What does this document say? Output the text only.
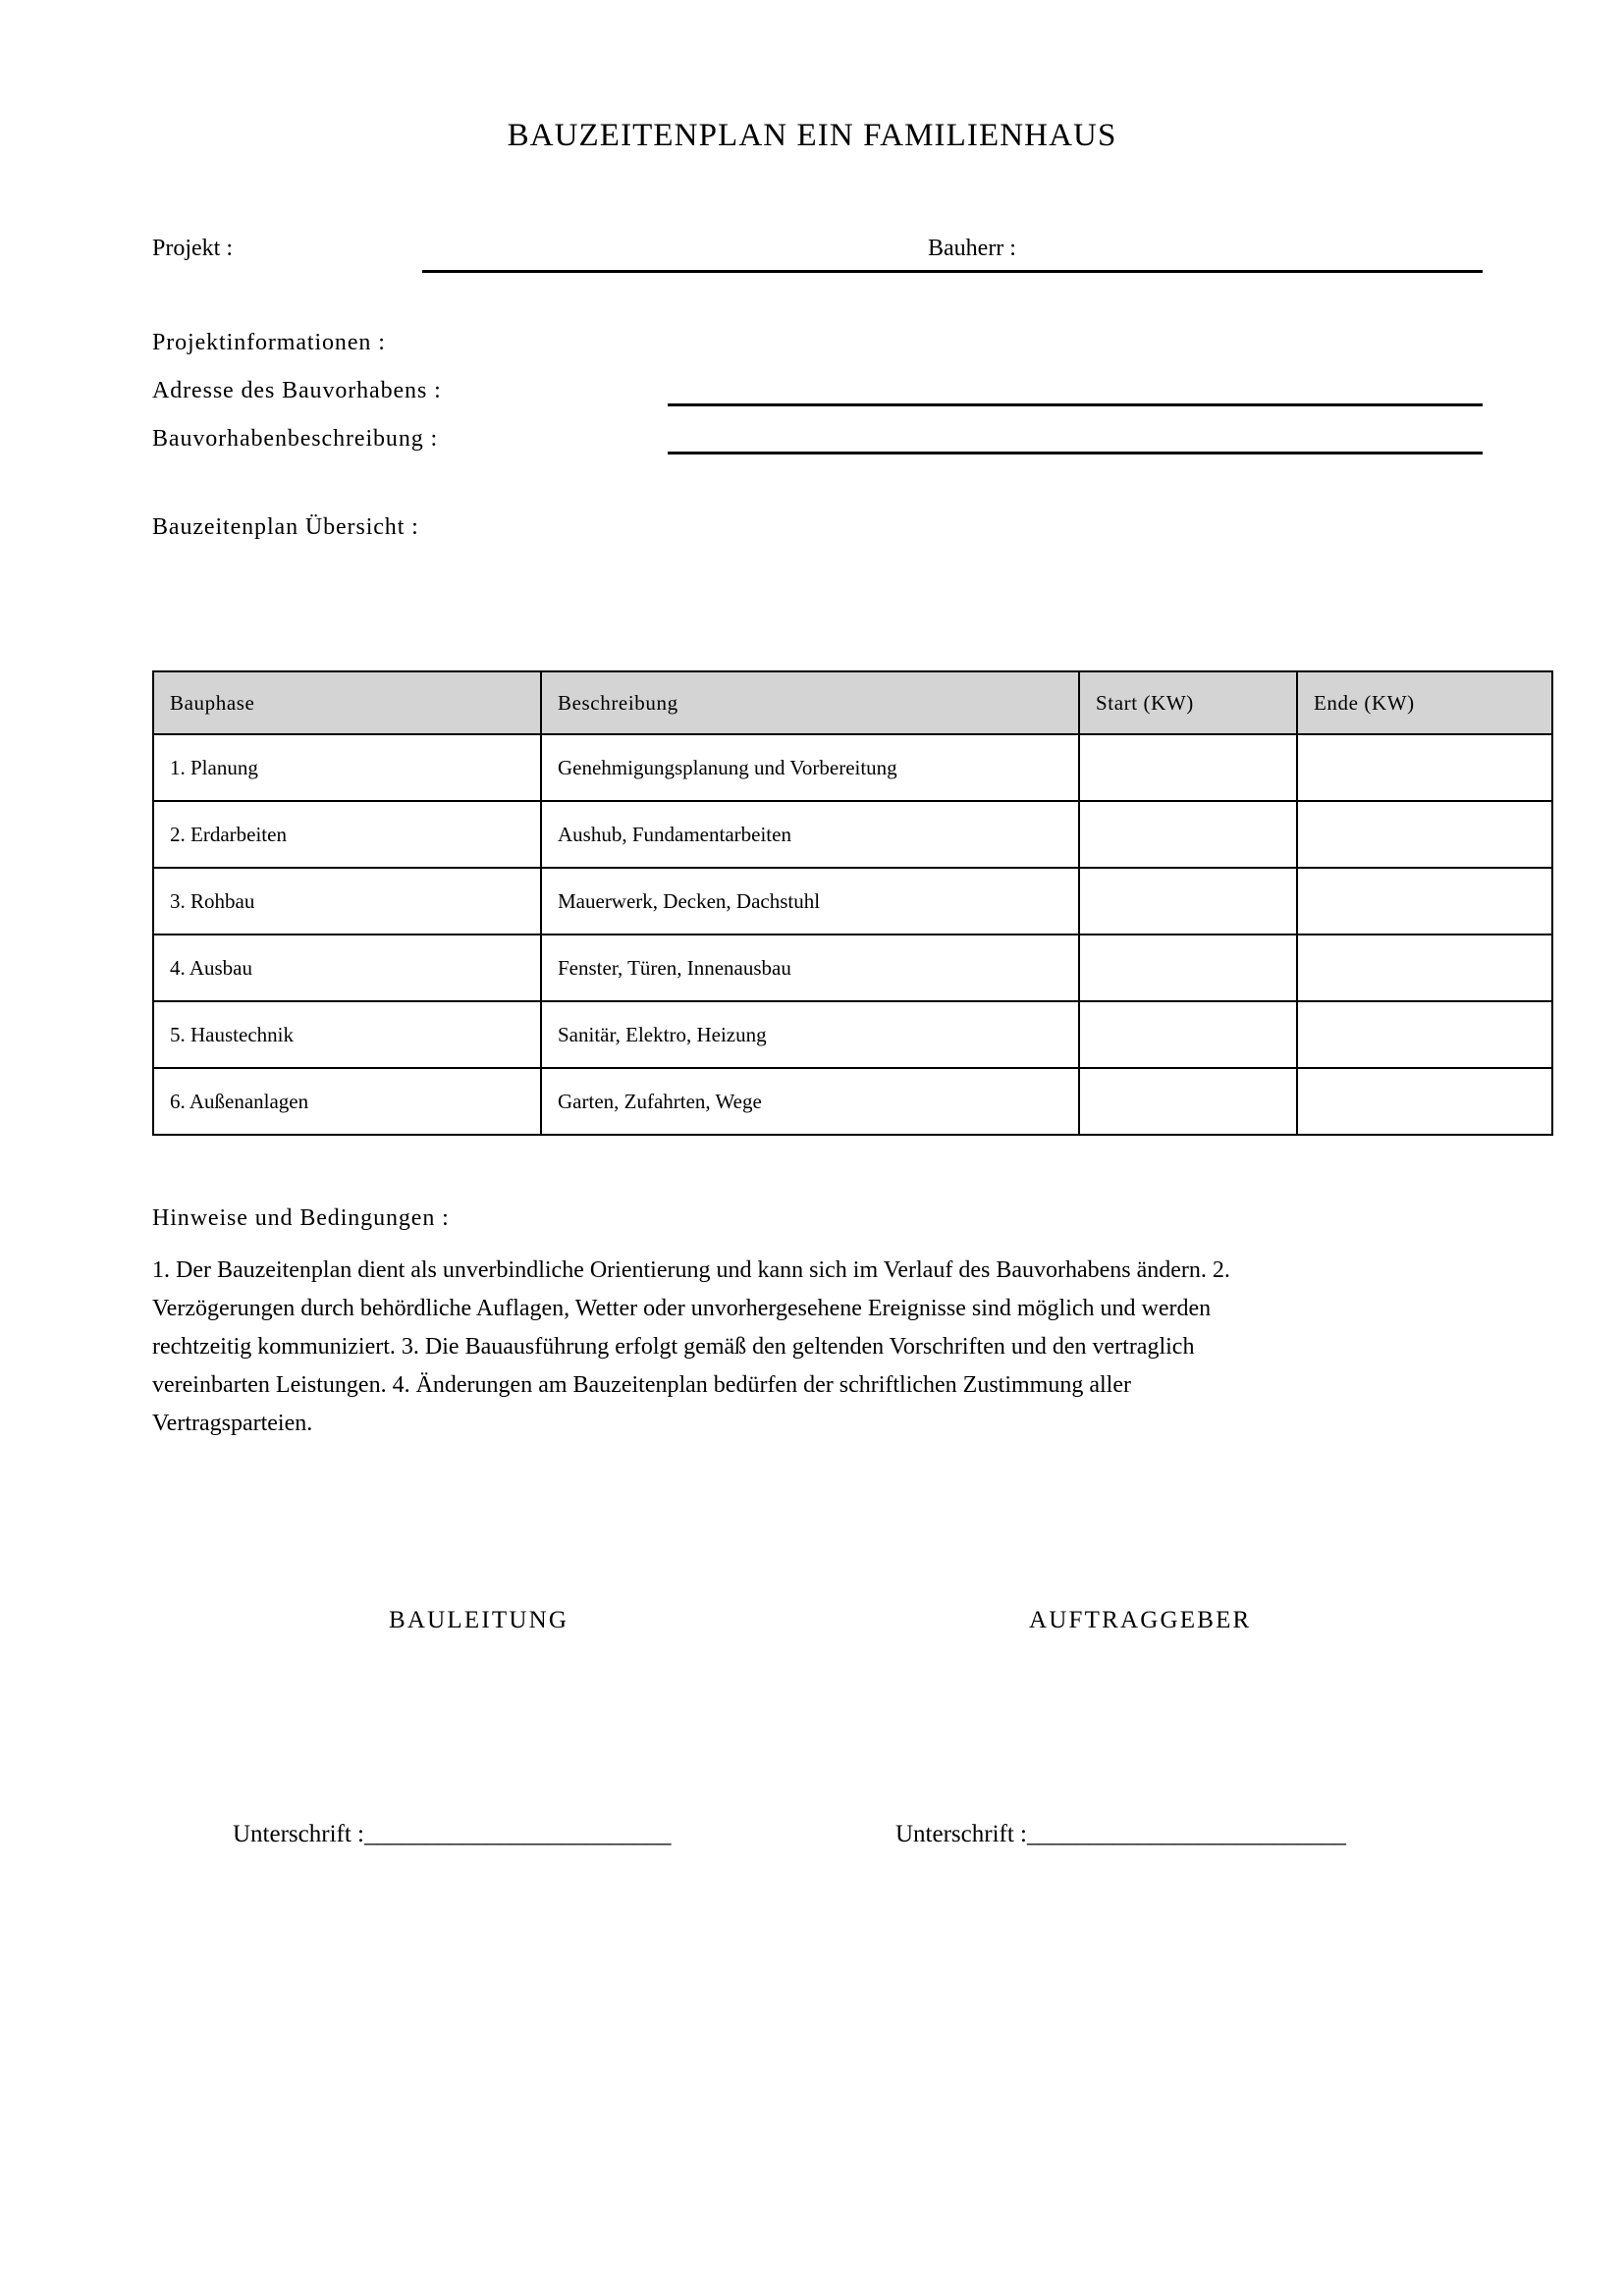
BAUZEITENPLAN EIN FAMILIENHAUS
Projekt :	Bauherr :
Projektinformationen :
Adresse des Bauvorhabens :
Bauvorhabenbeschreibung :
Bauzeitenplan Übersicht :
Bauphase	Beschreibung	Start (KW)	Ende (KW)
1. Planung	Genehmigungsplanung und Vorbereitung		
2. Erdarbeiten	Aushub, Fundamentarbeiten		
3. Rohbau	Mauerwerk, Decken, Dachstuhl		
4. Ausbau	Fenster, Türen, Innenausbau		
5. Haustechnik	Sanitär, Elektro, Heizung		
6. Außenanlagen	Garten, Zufahrten, Wege		
Hinweise und Bedingungen :
1. Der Bauzeitenplan dient als unverbindliche Orientierung und kann sich im Verlauf des Bauvorhabens ändern. 2. Verzögerungen durch behördliche Auflagen, Wetter oder unvorhergesehene Ereignisse sind möglich und werden rechtzeitig kommuniziert. 3. Die Bauausführung erfolgt gemäß den geltenden Vorschriften und den vertraglich vereinbarten Leistungen. 4. Änderungen am Bauzeitenplan bedürfen der schriftlichen Zustimmung aller Vertragsparteien.
BAULEITUNG	AUFTRAGGEBER
Unterschrift :_________________________	Unterschrift :__________________________
